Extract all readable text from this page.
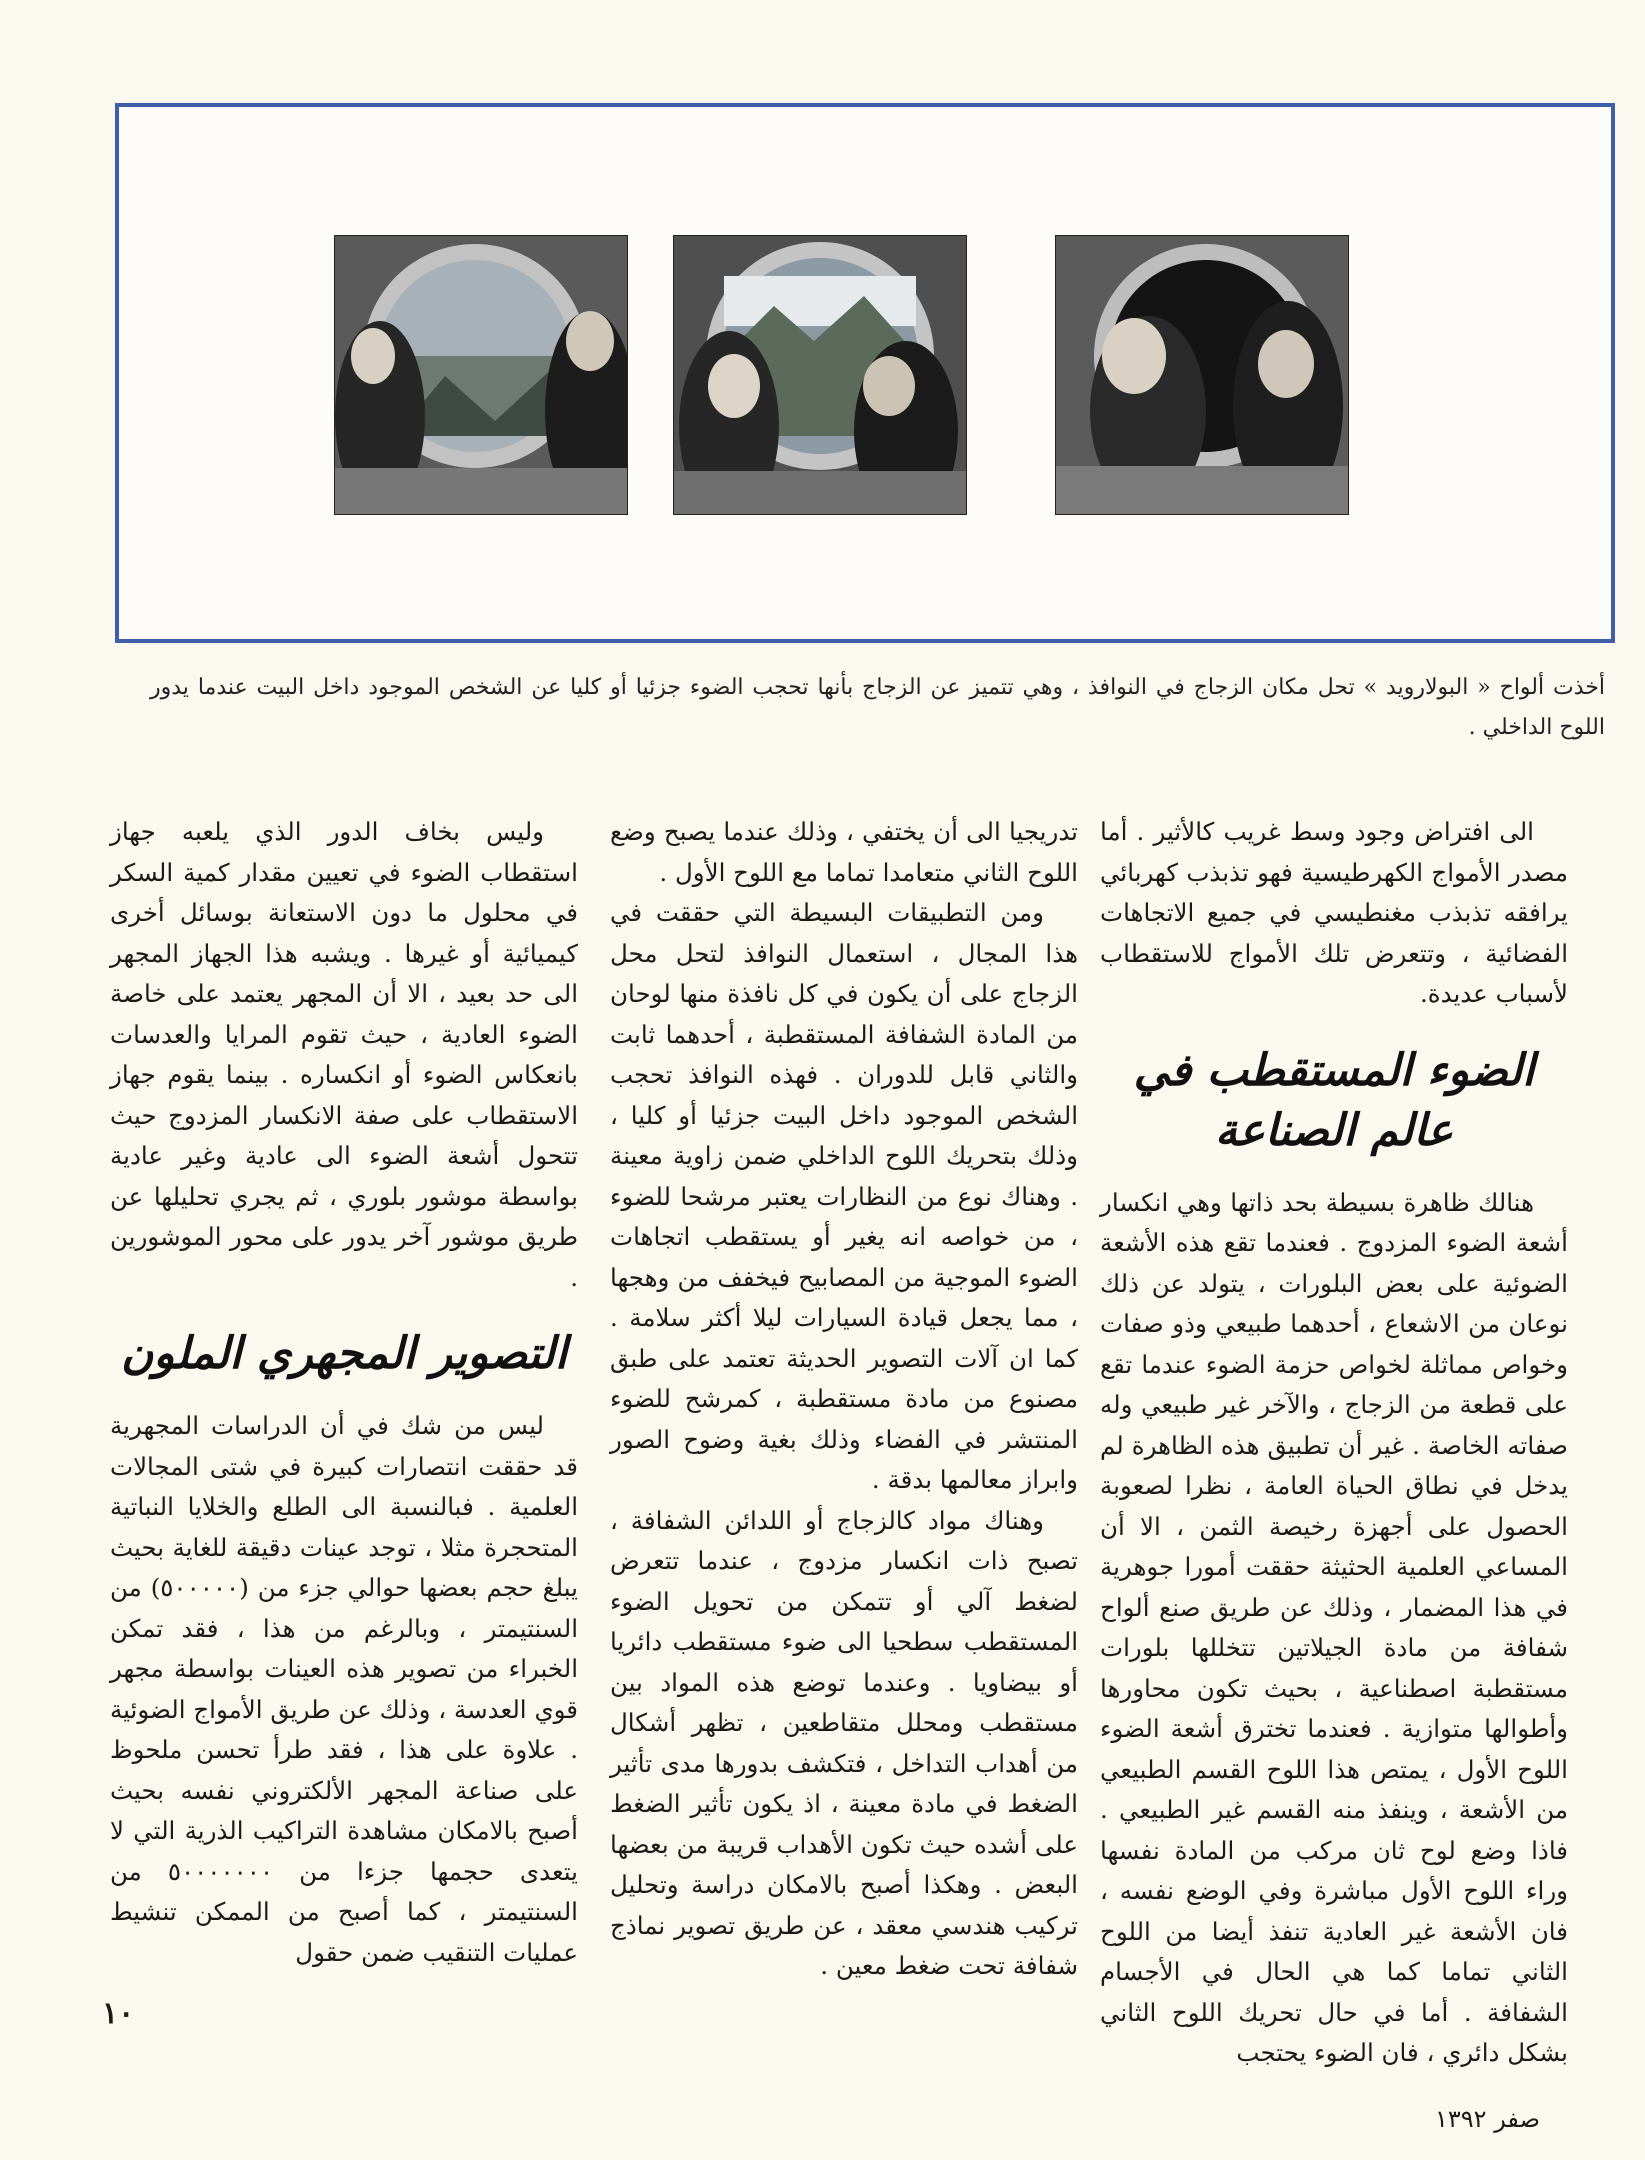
أخذت ألواح « البولارويد » تحل مكان الزجاج في النوافذ ، وهي تتميز عن الزجاج بأنها تحجب الضوء جزئيا أو كليا عن الشخص الموجود داخل البيت عندما يدور اللوح الداخلي .

الى افتراض وجود وسط غريب كالأثير . أما مصدر الأمواج الكهرطيسية فهو تذبذب كهربائي يرافقه تذبذب مغنطيسي في جميع الاتجاهات الفضائية ، وتتعرض تلك الأمواج للاستقطاب لأسباب عديدة.

الضوء المستقطب في عالم الصناعة

هنالك ظاهرة بسيطة بحد ذاتها وهي انكسار أشعة الضوء المزدوج . فعندما تقع هذه الأشعة الضوئية على بعض البلورات ، يتولد عن ذلك نوعان من الاشعاع ، أحدهما طبيعي وذو صفات وخواص مماثلة لخواص حزمة الضوء عندما تقع على قطعة من الزجاج ، والآخر غير طبيعي وله صفاته الخاصة . غير أن تطبيق هذه الظاهرة لم يدخل في نطاق الحياة العامة ، نظرا لصعوبة الحصول على أجهزة رخيصة الثمن ، الا أن المساعي العلمية الحثيثة حققت أمورا جوهرية في هذا المضمار ، وذلك عن طريق صنع ألواح شفافة من مادة الجيلاتين تتخللها بلورات مستقطبة اصطناعية ، بحيث تكون محاورها وأطوالها متوازية . فعندما تخترق أشعة الضوء اللوح الأول ، يمتص هذا اللوح القسم الطبيعي من الأشعة ، وينفذ منه القسم غير الطبيعي . فاذا وضع لوح ثان مركب من المادة نفسها وراء اللوح الأول مباشرة وفي الوضع نفسه ، فان الأشعة غير العادية تنفذ أيضا من اللوح الثاني تماما كما هي الحال في الأجسام الشفافة . أما في حال تحريك اللوح الثاني بشكل دائري ، فان الضوء يحتجب

تدريجيا الى أن يختفي ، وذلك عندما يصبح وضع اللوح الثاني متعامدا تماما مع اللوح الأول .

ومن التطبيقات البسيطة التي حققت في هذا المجال ، استعمال النوافذ لتحل محل الزجاج على أن يكون في كل نافذة منها لوحان من المادة الشفافة المستقطبة ، أحدهما ثابت والثاني قابل للدوران . فهذه النوافذ تحجب الشخص الموجود داخل البيت جزئيا أو كليا ، وذلك بتحريك اللوح الداخلي ضمن زاوية معينة . وهناك نوع من النظارات يعتبر مرشحا للضوء ، من خواصه انه يغير أو يستقطب اتجاهات الضوء الموجية من المصابيح فيخفف من وهجها ، مما يجعل قيادة السيارات ليلا أكثر سلامة . كما ان آلات التصوير الحديثة تعتمد على طبق مصنوع من مادة مستقطبة ، كمرشح للضوء المنتشر في الفضاء وذلك بغية وضوح الصور وابراز معالمها بدقة .

وهناك مواد كالزجاج أو اللدائن الشفافة ، تصبح ذات انكسار مزدوج ، عندما تتعرض لضغط آلي أو تتمكن من تحويل الضوء المستقطب سطحيا الى ضوء مستقطب دائريا أو بيضاويا . وعندما توضع هذه المواد بين مستقطب ومحلل متقاطعين ، تظهر أشكال من أهداب التداخل ، فتكشف بدورها مدى تأثير الضغط في مادة معينة ، اذ يكون تأثير الضغط على أشده حيث تكون الأهداب قريبة من بعضها البعض . وهكذا أصبح بالامكان دراسة وتحليل تركيب هندسي معقد ، عن طريق تصوير نماذج شفافة تحت ضغط معين .

وليس بخاف الدور الذي يلعبه جهاز استقطاب الضوء في تعيين مقدار كمية السكر في محلول ما دون الاستعانة بوسائل أخرى كيميائية أو غيرها . ويشبه هذا الجهاز المجهر الى حد بعيد ، الا أن المجهر يعتمد على خاصة الضوء العادية ، حيث تقوم المرايا والعدسات بانعكاس الضوء أو انكساره . بينما يقوم جهاز الاستقطاب على صفة الانكسار المزدوج حيث تتحول أشعة الضوء الى عادية وغير عادية بواسطة موشور بلوري ، ثم يجري تحليلها عن طريق موشور آخر يدور على محور الموشورين .

التصوير المجهري الملون

ليس من شك في أن الدراسات المجهرية قد حققت انتصارات كبيرة في شتى المجالات العلمية . فبالنسبة الى الطلع والخلايا النباتية المتحجرة مثلا ، توجد عينات دقيقة للغاية بحيث يبلغ حجم بعضها حوالي جزء من (٥٠٠٠٠٠) من السنتيمتر ، وبالرغم من هذا ، فقد تمكن الخبراء من تصوير هذه العينات بواسطة مجهر قوي العدسة ، وذلك عن طريق الأمواج الضوئية . علاوة على هذا ، فقد طرأ تحسن ملحوظ على صناعة المجهر الألكتروني نفسه بحيث أصبح بالامكان مشاهدة التراكيب الذرية التي لا يتعدى حجمها جزءا من ٥٠٠٠٠٠٠٠ من السنتيمتر ، كما أصبح من الممكن تنشيط عمليات التنقيب ضمن حقول

١٠
صفر ١٣٩٢
